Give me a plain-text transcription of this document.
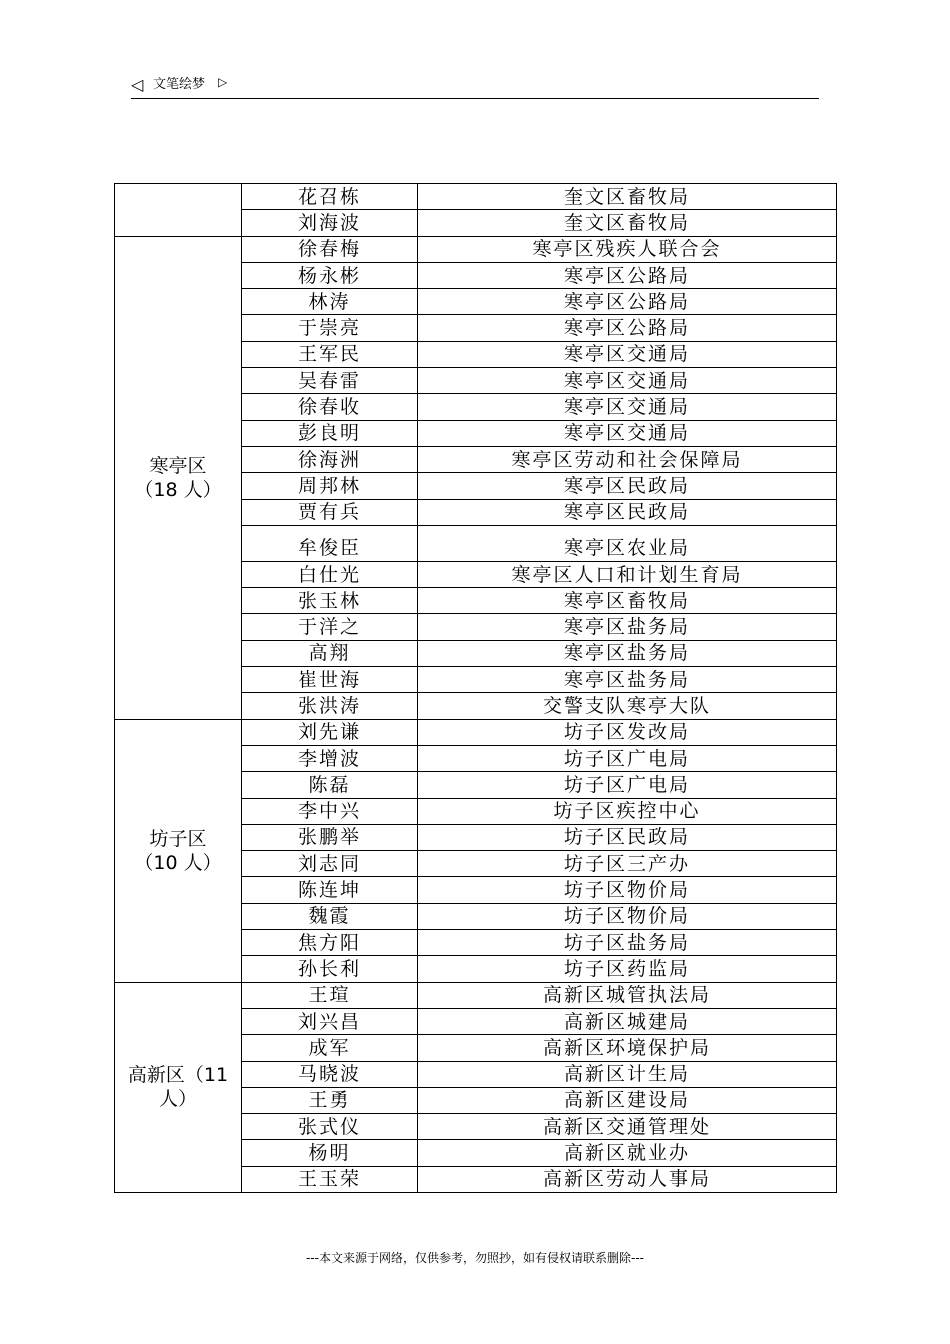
◁ 文笔绘梦 ▷
	花召栋	奎文区畜牧局
	刘海波	奎文区畜牧局

寒亭区
（18 人）	徐春梅	寒亭区残疾人联合会
	杨永彬	寒亭区公路局
	林涛	寒亭区公路局
	于崇亮	寒亭区公路局
	王军民	寒亭区交通局
	吴春雷	寒亭区交通局
	徐春收	寒亭区交通局
	彭良明	寒亭区交通局
	徐海洲	寒亭区劳动和社会保障局
	周邦林	寒亭区民政局
	贾有兵	寒亭区民政局
	牟俊臣	寒亭区农业局
	白仕光	寒亭区人口和计划生育局
	张玉林	寒亭区畜牧局
	于洋之	寒亭区盐务局
	高翔	寒亭区盐务局
	崔世海	寒亭区盐务局
	张洪涛	交警支队寒亭大队

坊子区
（10 人）	刘先谦	坊子区发改局
	李增波	坊子区广电局
	陈磊	坊子区广电局
	李中兴	坊子区疾控中心
	张鹏举	坊子区民政局
	刘志同	坊子区三产办
	陈连坤	坊子区物价局
	魏霞	坊子区物价局
	焦方阳	坊子区盐务局
	孙长利	坊子区药监局

高新区（11
人）	王瑄	高新区城管执法局
	刘兴昌	高新区城建局
	成军	高新区环境保护局
	马晓波	高新区计生局
	王勇	高新区建设局
	张式仪	高新区交通管理处
	杨明	高新区就业办
	王玉荣	高新区劳动人事局
---本文来源于网络，仅供参考，勿照抄，如有侵权请联系删除---
